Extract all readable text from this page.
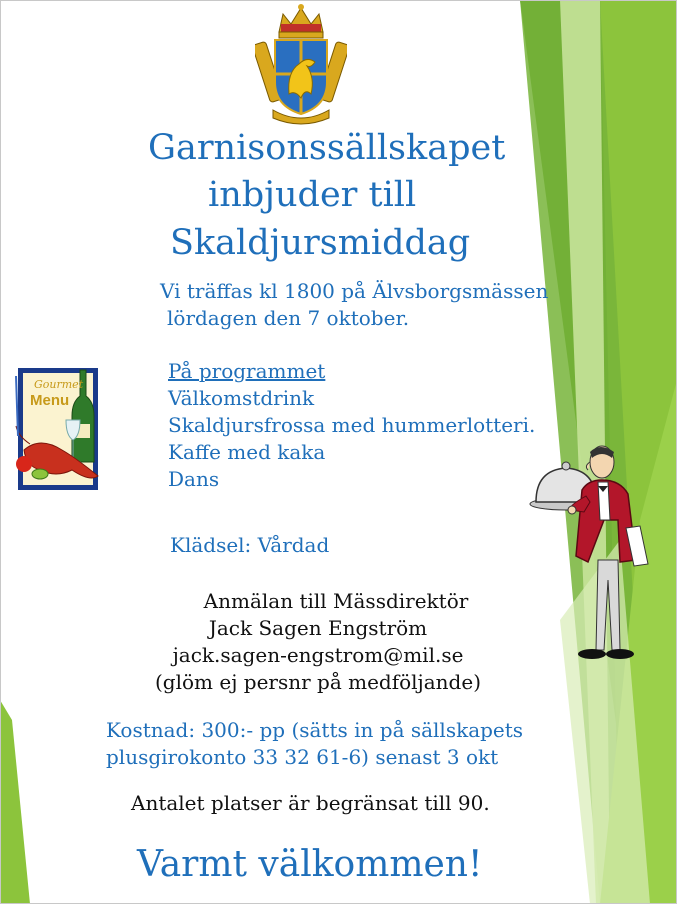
Garnisonssällskapet
inbjuder till
Skaldjursmiddag
Vi träffas kl 1800 på Älvsborgsmässen
lördagen den 7 oktober.
På programmet
Välkomstdrink
Skaldjursfrossa med hummerlotteri.
Kaffe med kaka
Dans
Klädsel: Vårdad
Anmälan till Mässdirektör
Jack Sagen Engström
jack.sagen-engstrom@mil.se
(glöm ej persnr på medföljande)
Kostnad: 300:- pp (sätts in på sällskapets
plusgirokonto 33 32 61-6) senast 3 okt
Antalet platser är begränsat till 90.
Varmt välkommen!
Gourmet
Menu
